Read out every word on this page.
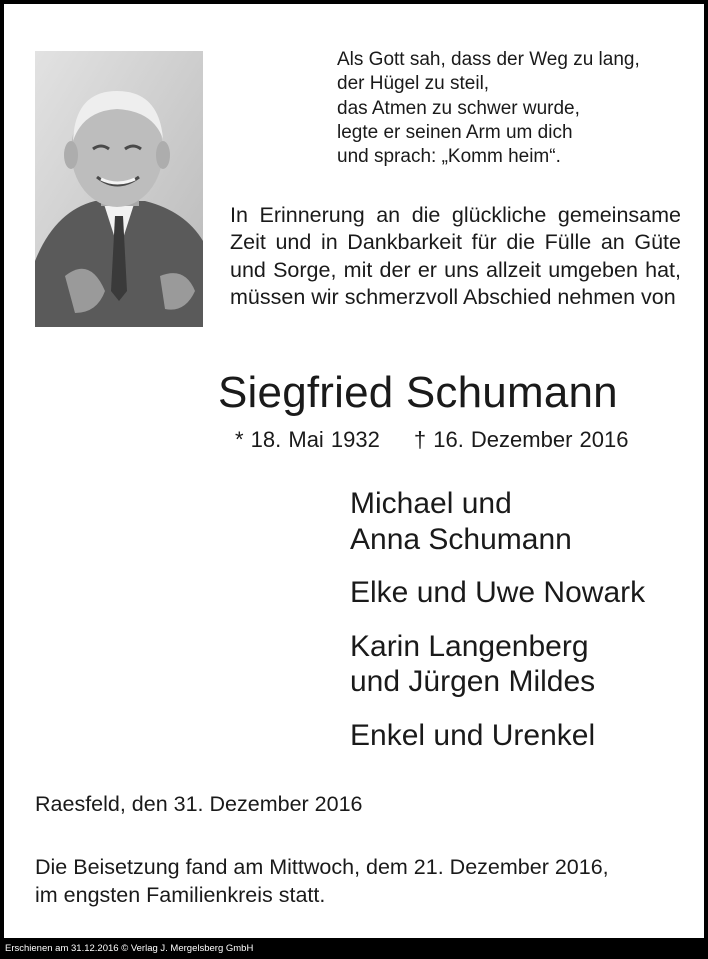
Als Gott sah, dass der Weg zu lang,
der Hügel zu steil,
das Atmen zu schwer wurde,
legte er seinen Arm um dich
und sprach: „Komm heim“.
In Erinnerung an die glückliche gemeinsame Zeit und in Dankbarkeit für die Fülle an Güte und Sorge, mit der er uns allzeit umgeben hat, müssen wir schmerzvoll Abschied nehmen von
Siegfried Schumann
* 18. Mai 1932 † 16. Dezember 2016
Michael und
Anna Schumann
Elke und Uwe Nowark
Karin Langenberg
und Jürgen Mildes
Enkel und Urenkel
Raesfeld, den 31. Dezember 2016
Die Beisetzung fand am Mittwoch, dem 21. Dezember 2016,
im engsten Familienkreis statt.
Erschienen am 31.12.2016 © Verlag J. Mergelsberg GmbH
